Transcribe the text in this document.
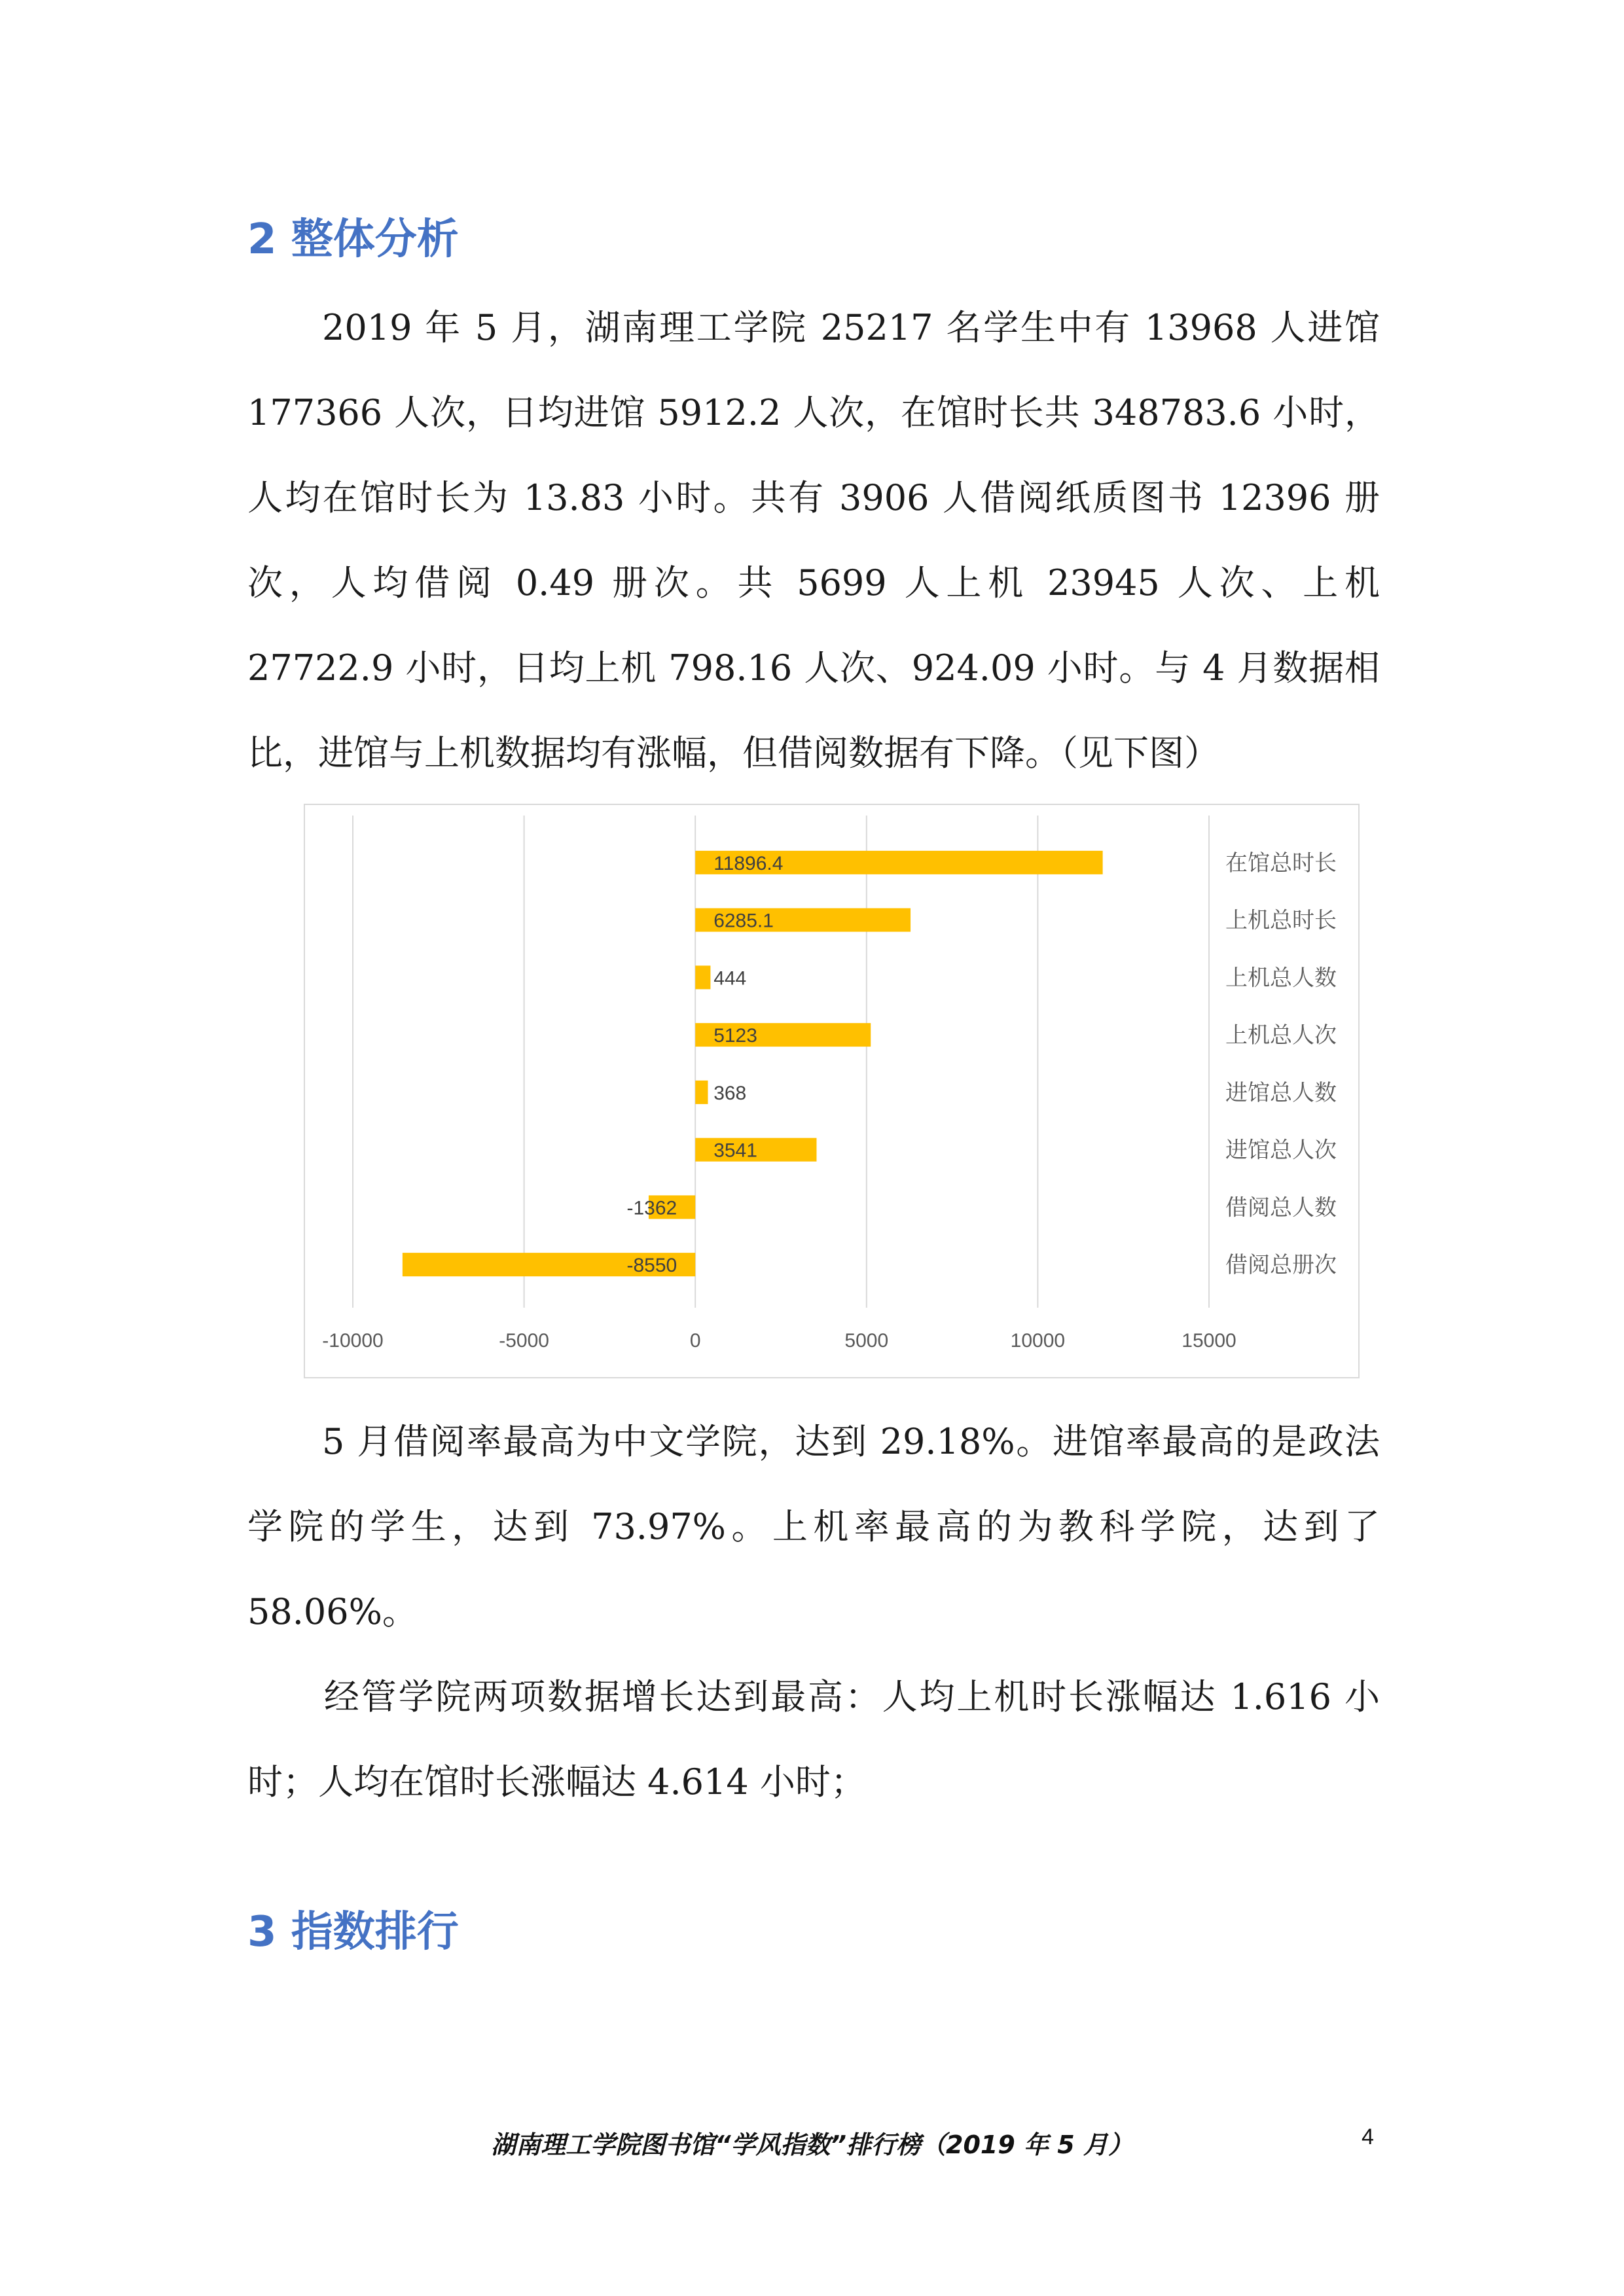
2 整体分析

2019 年 5 月，湖南理工学院 25217 名学生中有 13968 人进馆 177366 人次，日均进馆 5912.2 人次，在馆时长共 348783.6 小时，人均在馆时长为 13.83 小时。共有 3906 人借阅纸质图书 12396 册次，人均借阅 0.49 册次。共 5699 人上机 23945 人次、上机 27722.9 小时，日均上机 798.16 人次、924.09 小时。与 4 月数据相比，进馆与上机数据均有涨幅，但借阅数据有下降。（见下图）

-10000	-5000	0	5000	10000	15000
11896.4	在馆总时长
6285.1	上机总时长
444	上机总人数
5123	上机总人次
368	进馆总人数
3541	进馆总人次
-1362	借阅总人数
-8550	借阅总册次

5 月借阅率最高为中文学院，达到 29.18%。进馆率最高的是政法学院的学生，达到 73.97%。上机率最高的为教科学院，达到了 58.06%。

经管学院两项数据增长达到最高：人均上机时长涨幅达 1.616 小时；人均在馆时长涨幅达 4.614 小时；

3 指数排行
湖南理工学院图书馆“学风指数”排行榜（2019 年 5 月）	4
